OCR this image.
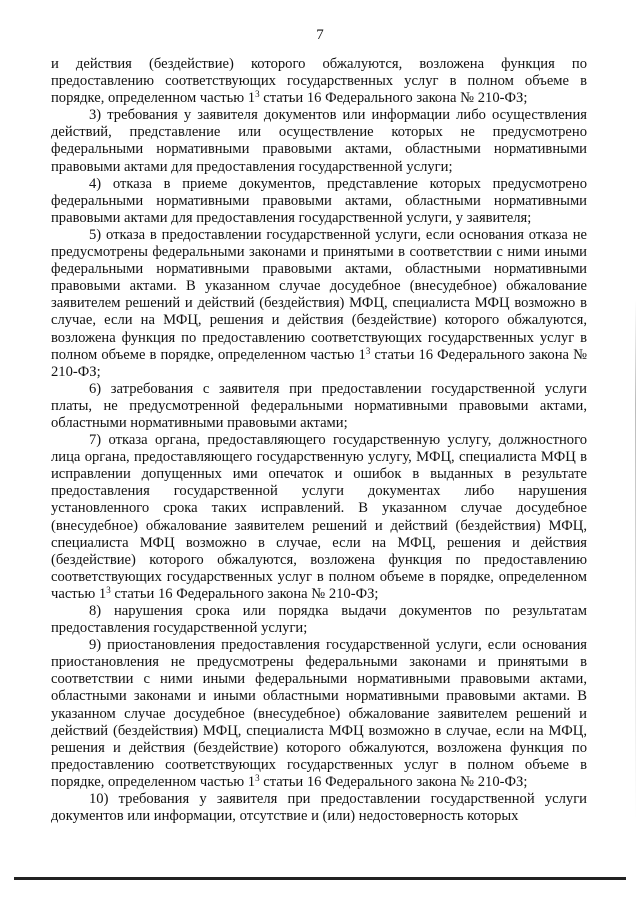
7

и действия (бездействие) которого обжалуются, возложена функция по предоставлению соответствующих государственных услуг в полном объеме в порядке, определенном частью $1^3$ статьи 16 Федерального закона № 210-ФЗ;

3) требования у заявителя документов или информации либо осуществления действий, представление или осуществление которых не предусмотрено федеральными нормативными правовыми актами, областными нормативными правовыми актами для предоставления государственной услуги;

4) отказа в приеме документов, представление которых предусмотрено федеральными нормативными правовыми актами, областными нормативными правовыми актами для предоставления государственной услуги, у заявителя;

5) отказа в предоставлении государственной услуги, если основания отказа не предусмотрены федеральными законами и принятыми в соответствии с ними иными федеральными нормативными правовыми актами, областными нормативными правовыми актами. В указанном случае досудебное (внесудебное) обжалование заявителем решений и действий (бездействия) МФЦ, специалиста МФЦ возможно в случае, если на МФЦ, решения и действия (бездействие) которого обжалуются, возложена функция по предоставлению соответствующих государственных услуг в полном объеме в порядке, определенном частью $1^3$ статьи 16 Федерального закона № 210-ФЗ;

6) затребования с заявителя при предоставлении государственной услуги платы, не предусмотренной федеральными нормативными правовыми актами, областными нормативными правовыми актами;

7) отказа органа, предоставляющего государственную услугу, должностного лица органа, предоставляющего государственную услугу, МФЦ, специалиста МФЦ в исправлении допущенных ими опечаток и ошибок в выданных в результате предоставления государственной услуги документах либо нарушения установленного срока таких исправлений. В указанном случае досудебное (внесудебное) обжалование заявителем решений и действий (бездействия) МФЦ, специалиста МФЦ возможно в случае, если на МФЦ, решения и действия (бездействие) которого обжалуются, возложена функция по предоставлению соответствующих государственных услуг в полном объеме в порядке, определенном частью $1^3$ статьи 16 Федерального закона № 210-ФЗ;

8) нарушения срока или порядка выдачи документов по результатам предоставления государственной услуги;

9) приостановления предоставления государственной услуги, если основания приостановления не предусмотрены федеральными законами и принятыми в соответствии с ними иными федеральными нормативными правовыми актами, областными законами и иными областными нормативными правовыми актами. В указанном случае досудебное (внесудебное) обжалование заявителем решений и действий (бездействия) МФЦ, специалиста МФЦ возможно в случае, если на МФЦ, решения и действия (бездействие) которого обжалуются, возложена функция по предоставлению соответствующих государственных услуг в полном объеме в порядке, определенном частью $1^3$ статьи 16 Федерального закона № 210-ФЗ;

10) требования у заявителя при предоставлении государственной услуги документов или информации, отсутствие и (или) недостоверность которых
